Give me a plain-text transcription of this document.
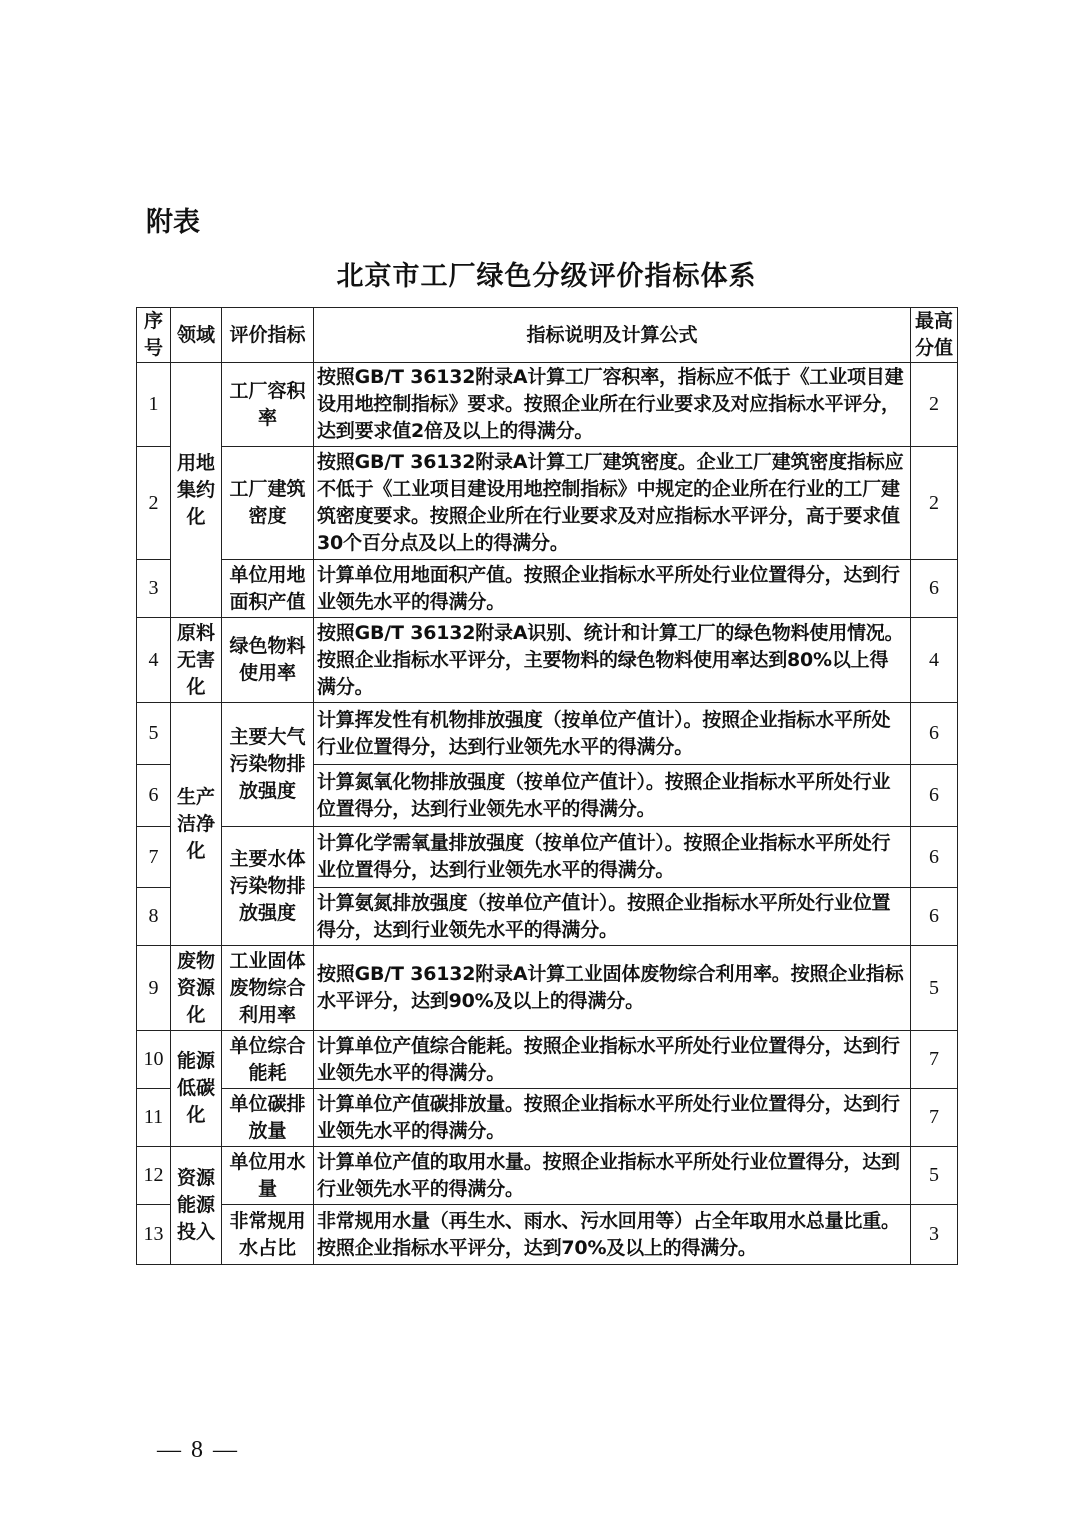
附表
北京市工厂绿色分级评价指标体系
序号	领域	评价指标	指标说明及计算公式	最高分值

1	用地集约化	工厂容积率	按照GB/T 36132附录A计算工厂容积率，指标应不低于《工业项目建设用地控制指标》要求。按照企业所在行业要求及对应指标水平评分，达到要求值2倍及以上的得满分。	2
2		工厂建筑密度	按照GB/T 36132附录A计算工厂建筑密度。企业工厂建筑密度指标应不低于《工业项目建设用地控制指标》中规定的企业所在行业的工厂建筑密度要求。按照企业所在行业要求及对应指标水平评分，高于要求值30个百分点及以上的得满分。	2
3		单位用地面积产值	计算单位用地面积产值。按照企业指标水平所处行业位置得分，达到行业领先水平的得满分。	6
4	原料无害化	绿色物料使用率	按照GB/T 36132附录A识别、统计和计算工厂的绿色物料使用情况。按照企业指标水平评分，主要物料的绿色物料使用率达到80%以上得满分。	4
5	生产洁净化	主要大气污染物排放强度	计算挥发性有机物排放强度（按单位产值计）。按照企业指标水平所处行业位置得分，达到行业领先水平的得满分。	6
6			计算氮氧化物排放强度（按单位产值计）。按照企业指标水平所处行业位置得分，达到行业领先水平的得满分。	6
7		主要水体污染物排放强度	计算化学需氧量排放强度（按单位产值计）。按照企业指标水平所处行业位置得分，达到行业领先水平的得满分。	6
8			计算氨氮排放强度（按单位产值计）。按照企业指标水平所处行业位置得分，达到行业领先水平的得满分。	6
9	废物资源化	工业固体废物综合利用率	按照GB/T 36132附录A计算工业固体废物综合利用率。按照企业指标水平评分，达到90%及以上的得满分。	5
10	能源低碳化	单位综合能耗	计算单位产值综合能耗。按照企业指标水平所处行业位置得分，达到行业领先水平的得满分。	7
11		单位碳排放量	计算单位产值碳排放量。按照企业指标水平所处行业位置得分，达到行业领先水平的得满分。	7
12	资源能源投入	单位用水量	计算单位产值的取用水量。按照企业指标水平所处行业位置得分，达到行业领先水平的得满分。	5
13		非常规用水占比	非常规用水量（再生水、雨水、污水回用等）占全年取用水总量比重。按照企业指标水平评分，达到70%及以上的得满分。	3
— 8 —
